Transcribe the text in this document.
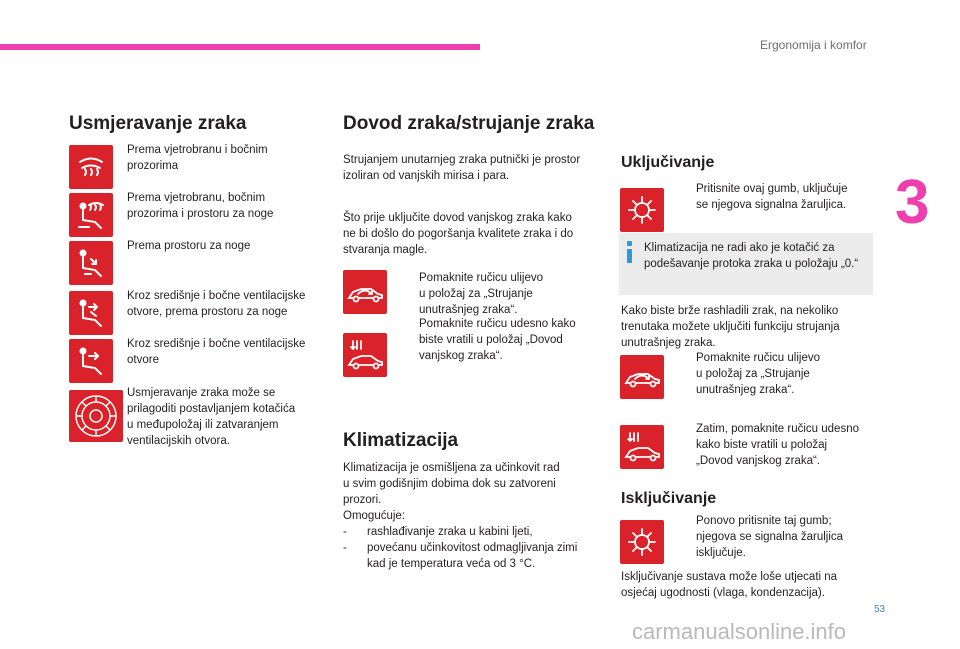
Ergonomija i komfor
3
Usmjeravanje zraka
Prema vjetrobranu i bočnim
prozorima
Prema vjetrobranu, bočnim
prozorima i prostoru za noge
Prema prostoru za noge
Kroz središnje i bočne ventilacijske
otvore, prema prostoru za noge
Kroz središnje i bočne ventilacijske
otvore
Usmjeravanje zraka može se
prilagoditi postavljanjem kotačića
u međupoložaj ili zatvaranjem
ventilacijskih otvora.
Dovod zraka/strujanje zraka
Strujanjem unutarnjeg zraka putnički je prostor
izoliran od vanjskih mirisa i para.
Što prije uključite dovod vanjskog zraka kako
ne bi došlo do pogoršanja kvalitete zraka i do
stvaranja magle.
Pomaknite ručicu ulijevo
u položaj za „Strujanje
unutrašnjeg zraka“.
Pomaknite ručicu udesno kako
biste vratili u položaj „Dovod
vanjskog zraka“.
Klimatizacija
Klimatizacija je osmišljena za učinkovit rad
u svim godišnjim dobima dok su zatvoreni
prozori.
Omogućuje:
- rashlađivanje zraka u kabini ljeti,
- povećanu učinkovitost odmagljivanja zimi
kad je temperatura veća od 3 °C.
Uključivanje
Pritisnite ovaj gumb, uključuje
se njegova signalna žaruljica.
Klimatizacija ne radi ako je kotačić za
podešavanje protoka zraka u položaju „0.“
Kako biste brže rashladili zrak, na nekoliko
trenutaka možete uključiti funkciju strujanja
unutrašnjeg zraka.
Pomaknite ručicu ulijevo
u položaj za „Strujanje
unutrašnjeg zraka“.
Zatim, pomaknite ručicu udesno
kako biste vratili u položaj
„Dovod vanjskog zraka“.
Isključivanje
Ponovo pritisnite taj gumb;
njegova se signalna žaruljica
isključuje.
Isključivanje sustava može loše utjecati na
osjećaj ugodnosti (vlaga, kondenzacija).
53
carmanualsonline.info
